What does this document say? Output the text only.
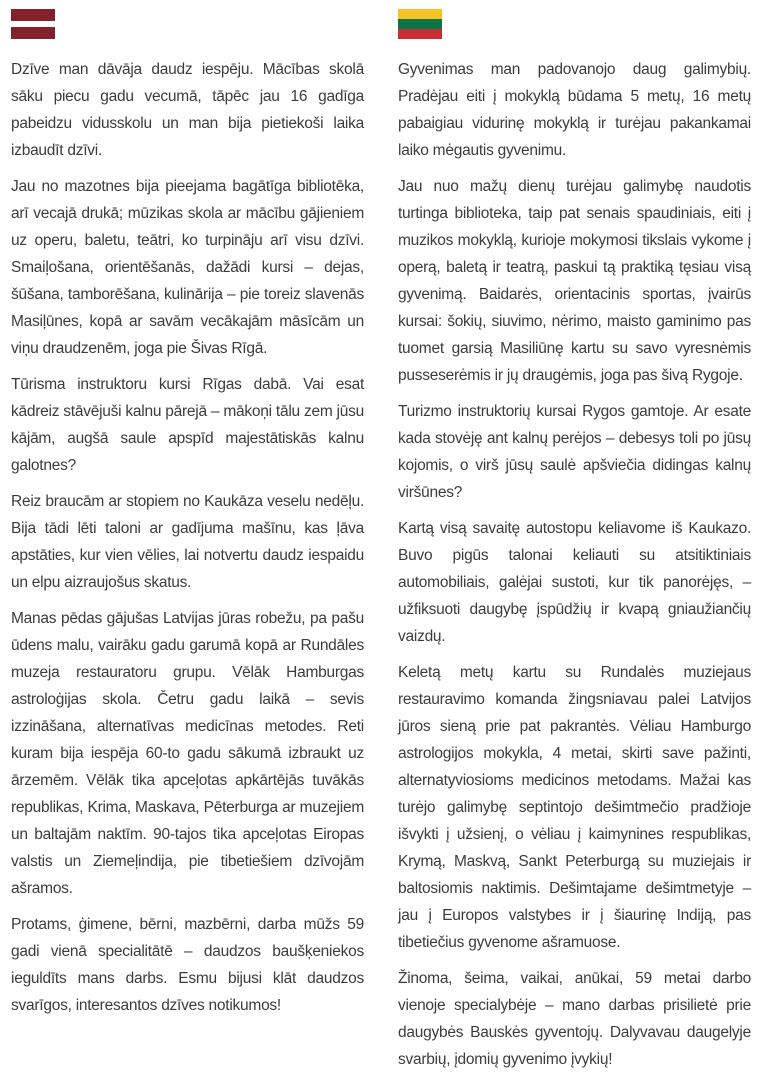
Dzīve man dāvāja daudz iespēju. Mācības skolā sāku piecu gadu vecumā, tāpēc jau 16 gadīga pabeidzu vidusskolu un man bija pietiekoši laika izbaudīt dzīvi.

Jau no mazotnes bija pieejama bagātīga bibliotēka, arī vecajā drukā; mūzikas skola ar mācību gājieniem uz operu, baletu, teātri, ko turpināju arī visu dzīvi. Smaiļošana, orientēšanās, dažādi kursi – dejas, šūšana, tamborēšana, kulinārija – pie toreiz slavenās Masiļūnes, kopā ar savām vecākajām māsīcām un viņu draudzenēm, joga pie Šivas Rīgā.

Tūrisma instruktoru kursi Rīgas dabā. Vai esat kādreiz stāvējuši kalnu pārejā – mākoņi tālu zem jūsu kājām, augšā saule apspīd majestātiskās kalnu galotnes?

Reiz braucām ar stopiem no Kaukāza veselu nedēļu. Bija tādi lēti taloni ar gadījuma mašīnu, kas ļāva apstāties, kur vien vēlies, lai notvertu daudz iespaidu un elpu aizraujošus skatus.

Manas pēdas gājušas Latvijas jūras robežu, pa pašu ūdens malu, vairāku gadu garumā kopā ar Rundāles muzeja restauratoru grupu. Vēlāk Hamburgas astroloģijas skola. Četru gadu laikā – sevis izzināšana, alternatīvas medicīnas metodes. Reti kuram bija iespēja 60-to gadu sākumā izbraukt uz ārzemēm. Vēlāk tika apceļotas apkārtējās tuvākās republikas, Krima, Maskava, Pēterburga ar muzejiem un baltajām naktīm. 90-tajos tika apceļotas Eiropas valstis un Ziemeļindija, pie tibetiešiem dzīvojām ašramos.

Protams, ģimene, bērni, mazbērni, darba mūžs 59 gadi vienā specialitātē – daudzos baušķeniekos ieguldīts mans darbs. Esmu bijusi klāt daudzos svarīgos, interesantos dzīves notikumos!

Gyvenimas man padovanojo daug galimybių. Pradėjau eiti į mokyklą būdama 5 metų, 16 metų pabaigiau vidurinę mokyklą ir turėjau pakankamai laiko mėgautis gyvenimu.

Jau nuo mažų dienų turėjau galimybę naudotis turtinga biblioteka, taip pat senais spaudiniais, eiti į muzikos mokyklą, kurioje mokymosi tikslais vykome į operą, baletą ir teatrą, paskui tą praktiką tęsiau visą gyvenimą. Baidarės, orientacinis sportas, įvairūs kursai: šokių, siuvimo, nėrimo, maisto gaminimo pas tuomet garsią Masiliūnę kartu su savo vyresnėmis pusseserėmis ir jų draugėmis, joga pas šivą Rygoje.

Turizmo instruktorių kursai Rygos gamtoje. Ar esate kada stovėję ant kalnų perėjos – debesys toli po jūsų kojomis, o virš jūsų saulė apšviečia didingas kalnų viršūnes?

Kartą visą savaitę autostopu keliavome iš Kaukazo. Buvo pigūs talonai keliauti su atsitiktiniais automobiliais, galėjai sustoti, kur tik panorėjęs, – užfiksuoti daugybę įspūdžių ir kvapą gniaužiančių vaizdų.

Keletą metų kartu su Rundalės muziejaus restauravimo komanda žingsniavau palei Latvijos jūros sieną prie pat pakrantės. Vėliau Hamburgo astrologijos mokykla, 4 metai, skirti save pažinti, alternatyviosioms medicinos metodams. Mažai kas turėjo galimybę septintojo dešimtmečio pradžioje išvykti į užsienį, o vėliau į kaimynines respublikas, Krymą, Maskvą, Sankt Peterburgą su muziejais ir baltosiomis naktimis. Dešimtajame dešimtmetyje – jau į Europos valstybes ir į šiaurinę Indiją, pas tibetiečius gyvenome ašramuose.

Žinoma, šeima, vaikai, anūkai, 59 metai darbo vienoje specialybėje – mano darbas prisilietė prie daugybės Bauskės gyventojų. Dalyvavau daugelyje svarbių, įdomių gyvenimo įvykių!
